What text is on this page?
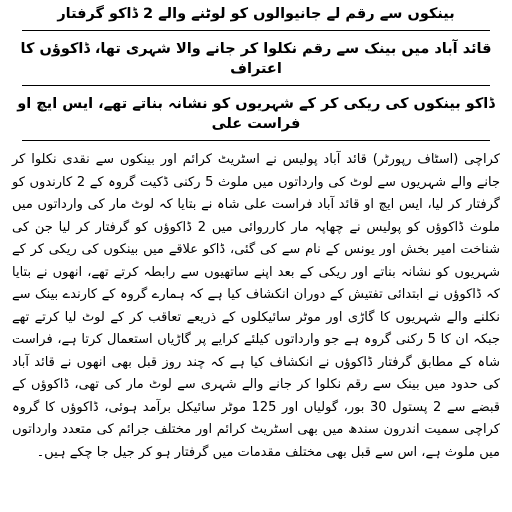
بینکوں سے رقم لے جانیوالوں کو لوٹنے والے 2 ڈاکو گرفتار

قائد آباد میں بینک سے رقم نکلوا کر جانے والا شہری تھا، ڈاکوؤں کا اعتراف

ڈاکو بینکوں کی ریکی کر کے شہریوں کو نشانہ بناتے تھے، ایس ایچ او فراست علی

کراچی (اسٹاف رپورٹر) قائد آباد پولیس نے اسٹریٹ کرائم اور بینکوں سے نقدی نکلوا کر جانے والے شہریوں سے لوٹ کی وارداتوں میں ملوث 5 رکنی ڈکیت گروہ کے 2 کارندوں کو گرفتار کر لیا، ایس ایچ او قائد آباد فراست علی شاہ نے بتایا کہ لوٹ مار کی وارداتوں میں ملوث ڈاکوؤں کو پولیس نے چھاپہ مار کارروائی میں 2 ڈاکوؤں کو گرفتار کر لیا جن کی شناخت امیر بخش اور یونس کے نام سے کی گئی، ڈاکو علاقے میں بینکوں کی ریکی کر کے شہریوں کو نشانہ بناتے اور ریکی کے بعد اپنے ساتھیوں سے رابطہ کرتے تھے، انھوں نے بتایا کہ ڈاکوؤں نے ابتدائی تفتیش کے دوران انکشاف کیا ہے کہ ہمارے گروہ کے کارندے بینک سے نکلنے والے شہریوں کا گاڑی اور موٹر سائیکلوں کے ذریعے تعاقب کر کے لوٹ لیا کرتے تھے جبکہ ان کا 5 رکنی گروہ ہے جو وارداتوں کیلئے کرایے پر گاڑیاں استعمال کرتا ہے، فراست شاہ کے مطابق گرفتار ڈاکوؤں نے انکشاف کیا ہے کہ چند روز قبل بھی انھوں نے قائد آباد کی حدود میں بینک سے رقم نکلوا کر جانے والے شہری سے لوٹ مار کی تھی، ڈاکوؤں کے قبضے سے 2 پستول 30 بور، گولیاں اور 125 موٹر سائیکل برآمد ہوئی، ڈاکوؤں کا گروہ کراچی سمیت اندرون سندھ میں بھی اسٹریٹ کرائم اور مختلف جرائم کی متعدد وارداتوں میں ملوث ہے، اس سے قبل بھی مختلف مقدمات میں گرفتار ہو کر جیل جا چکے ہیں۔
